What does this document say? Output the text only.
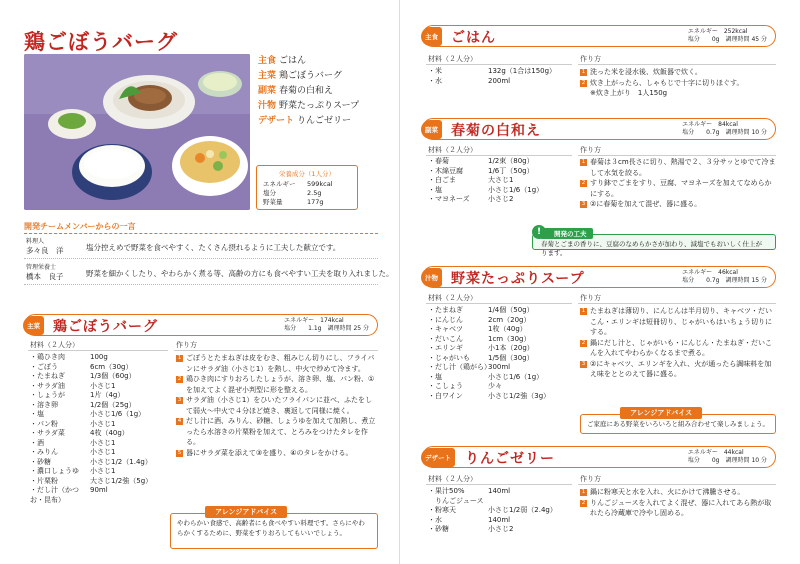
鶏ごぼうバーグ
主食 ごはん
主菜 鶏ごぼうバーグ
副菜 春菊の白和え
汁物 野菜たっぷりスープ
デザート りんごゼリー
栄養成分（1人分）
エネルギー	599kcal
塩分	2.5g
野菜量	177g
開発チームメンバーからの一言
料理人
多々良　洋	塩分控えめで野菜を食べやすく、たくさん摂れるように工夫した献立です。
管理栄養士
橋本　良子	野菜を細かくしたり、やわらかく煮る等、高齢の方にも食べやすい工夫を取り入れました。
主菜 鶏ごぼうバーグ	エネルギー　 174kcal
塩分　　 1.1g　 調理時間 25 分
材料（２人分）
・鶏ひき肉	100g
・ごぼう	6cm（30g）
・たまねぎ	1/3個（60g）
・サラダ油	小さじ1
・しょうが	1片（4g）
・溶き卵	1/2個（25g）
・塩	小さじ1/6（1g）
・パン粉	小さじ1
・サラダ菜	4枚（40g）
・酒	小さじ1
・みりん	小さじ1
・砂糖	小さじ1/2（1.4g）
・濃口しょうゆ	小さじ1
・片栗粉	大さじ1/2強（5g）
・だし汁（かつお・昆布）
90ml
作り方
1 ごぼうとたまねぎは皮をむき、粗みじん切りにし、フライパンにサラダ油（小さじ1）を熱し、中火で炒めて冷ます。
2 鶏ひき肉にすりおろしたしょうが、溶き卵、塩、パン粉、①を加えてよく混ぜ小判型に形を整える。
3 サラダ油（小さじ1）をひいたフライパンに並べ、ふたをして弱火〜中火で４分ほど焼き、裏返して同様に焼く。
4 だし汁に酒、みりん、砂糖、しょうゆを加えて加熱し、煮立ったら水溶きの片栗粉を加えて、とろみをつけたタレを作る。
5 器にサラダ菜を添えて③を盛り、④のタレをかける。
やわらかい食感で、高齢者にも食べやすい料理です。さらにやわらかくするために、野菜をすりおろしてもいいでしょう。
アレンジアドバイス
主食 ごはん	エネルギー　 252kcal
塩分　　 0g　 調理時間 45 分
材料（２人分）
・米	132g（1合は150g）
・水	200ml
作り方
1 洗った米を浸水後、炊飯器で炊く。
2 炊き上がったら、しゃもじで十字に切りほぐす。
※炊き上がり　1人150g
副菜 春菊の白和え	エネルギー　 84kcal
塩分　　 0.7g　 調理時間 10 分
材料（２人分）
・春菊	1/2束（80g）
・木綿豆腐	1/6丁（50g）
・白ごま	大さじ1
・塩	小さじ1/6（1g）
・マヨネーズ	小さじ2
作り方
1 春菊は３cm長さに切り、熱湯で２、３分サッとゆでて冷まして水気を絞る。
2 すり鉢でごまをすり、豆腐、マヨネーズを加えてなめらかにする。
3 ②に春菊を加えて混ぜ、器に盛る。
春菊とごまの香りに、豆腐のなめらかさが加わり、減塩でもおいしく仕上がります。
開発の工夫
!
汁物 野菜たっぷりスープ	エネルギー　 46kcal
塩分　　 0.7g　 調理時間 15 分
材料（２人分）
・たまねぎ	1/4個（50g）
・にんじん	2cm（20g）
・キャベツ	1枚（40g）
・だいこん	1cm（30g）
・エリンギ	小1本（20g）
・じゃがいも	1/5個（30g）
・だし汁（鶏がら）
300ml
・塩	小さじ1/6（1g）
・こしょう	少々
・白ワイン	小さじ1/2強（3g）
作り方
1 たまねぎは薄切り、にんじんは半月切り、キャベツ・だいこん・エリンギは短冊切り、じゃがいもはいちょう切りにする。
2 鍋にだし汁と、じゃがいも・にんじん・たまねぎ・だいこんを入れてやわらかくなるまで煮る。
3 ②にキャベツ、エリンギを入れ、火が通ったら調味料を加え味をととのえて器に盛る。
ご家庭にある野菜をいろいろと組み合わせて楽しみましょう。
アレンジアドバイス
デザート りんごゼリー	エネルギー　 44kcal
塩分　　 0g　 調理時間 10 分
材料（２人分）
・果汁50%	140ml
　りんごジュース
・粉寒天	小さじ1/2弱（2.4g）
・水	140ml
・砂糖	小さじ2
作り方
1 鍋に粉寒天と水を入れ、火にかけて沸騰させる。
2 りんごジュースを入れてよく混ぜ、器に入れてあら熱が取れたら冷蔵庫で冷やし固める。
